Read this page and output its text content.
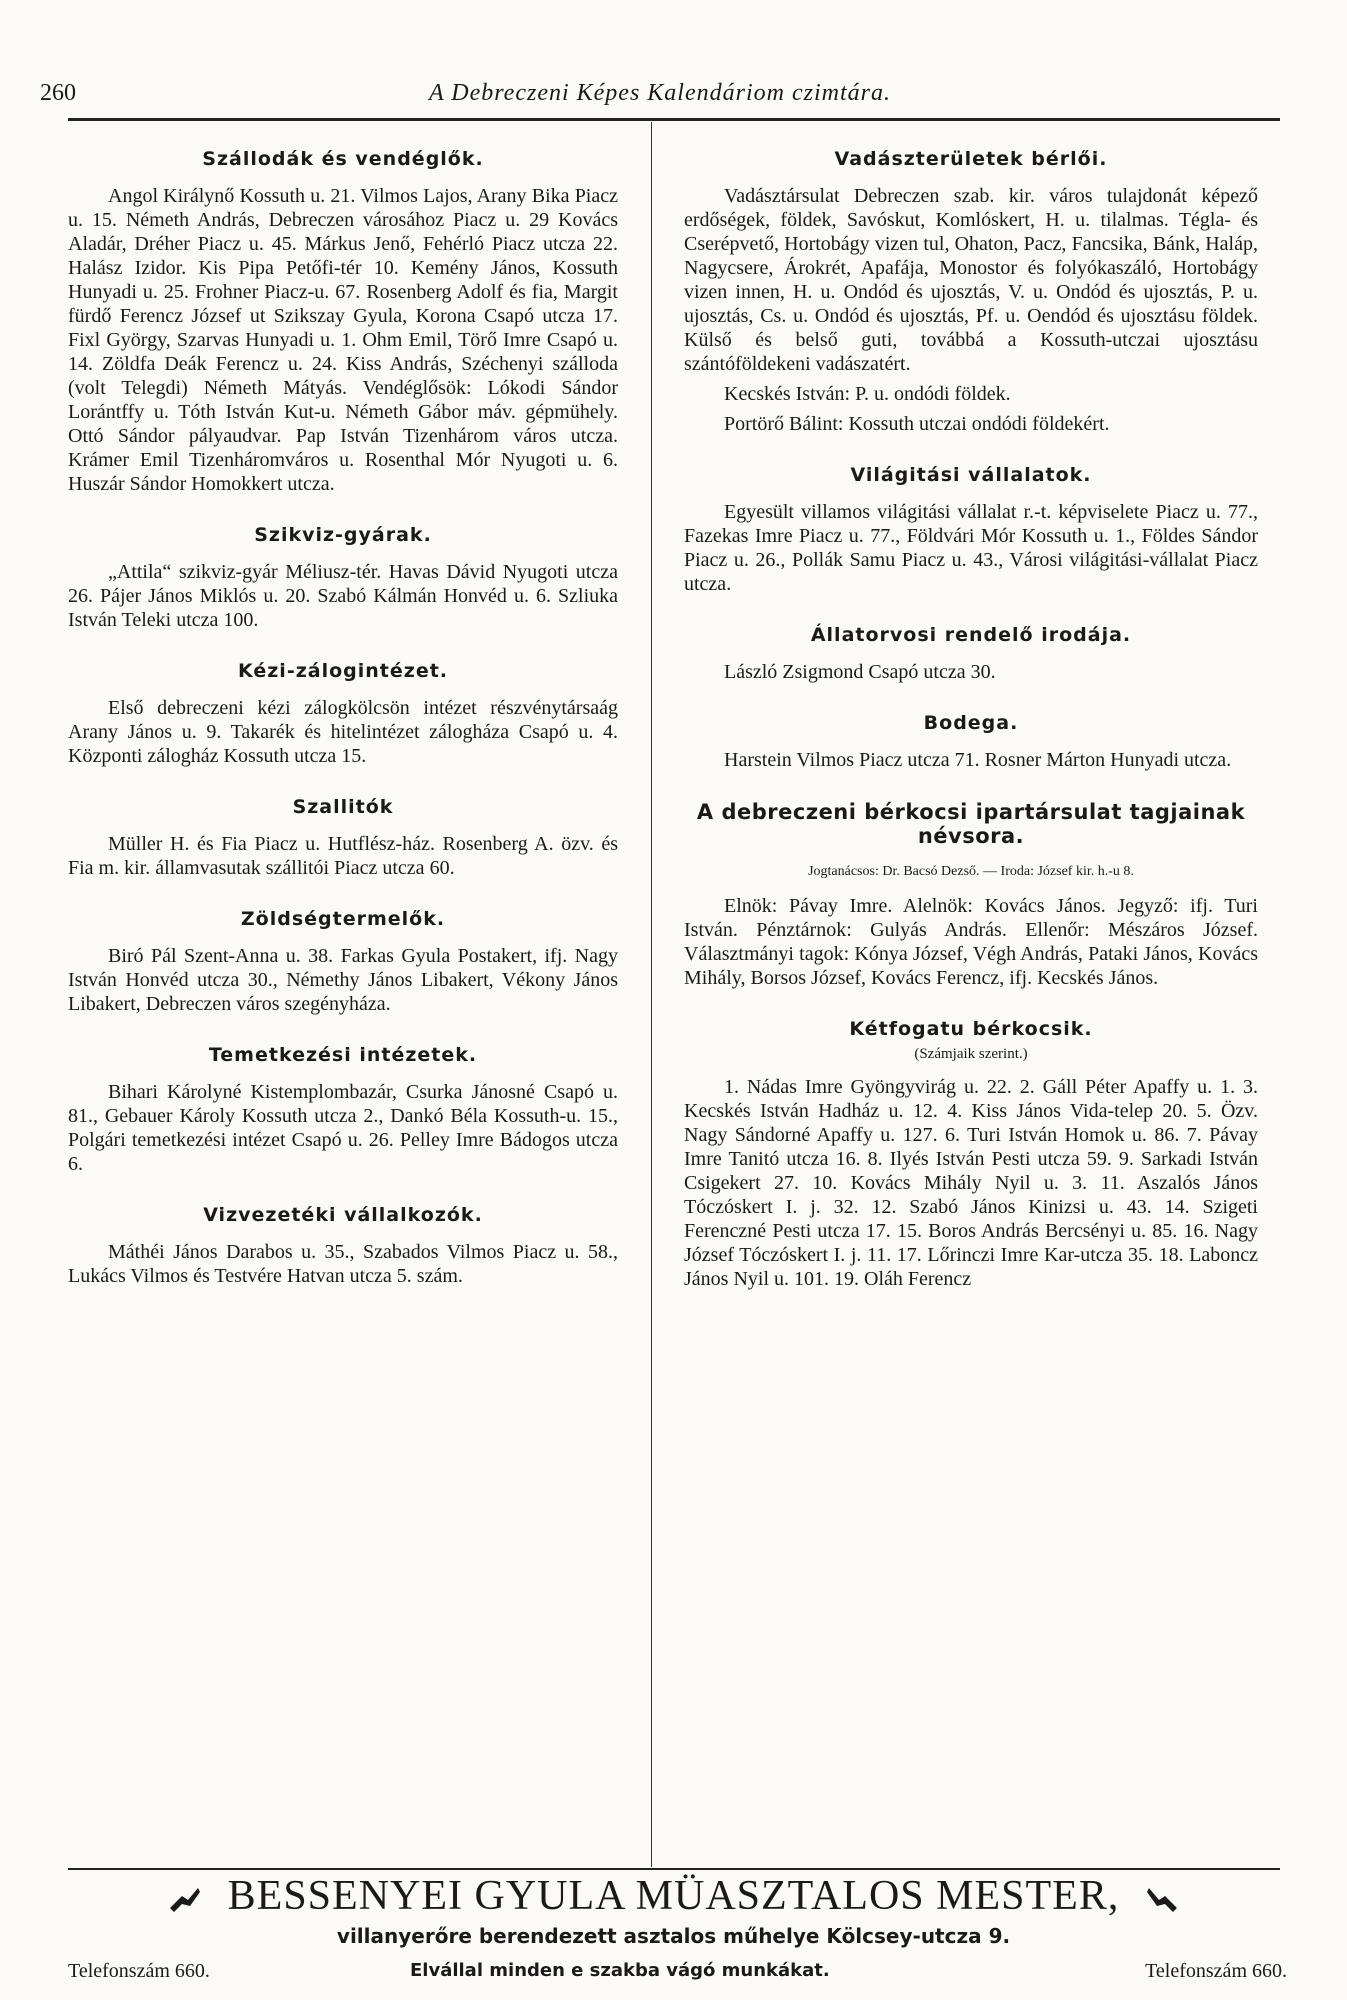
260	A Debreczeni Képes Kalendáriom czimtára.
Szállodák és vendéglők.

Angol Királynő Kossuth u. 21. Vilmos Lajos, Arany Bika Piacz u. 15. Németh András, Debreczen városához Piacz u. 29 Kovács Aladár, Dréher Piacz u. 45. Márkus Jenő, Fehérló Piacz utcza 22. Halász Izidor. Kis Pipa Petőfi-tér 10. Kemény János, Kossuth Hunyadi u. 25. Frohner Piacz-u. 67. Rosenberg Adolf és fia, Margit fürdő Ferencz József ut Szikszay Gyula, Korona Csapó utcza 17. Fixl György, Szarvas Hunyadi u. 1. Ohm Emil, Törő Imre Csapó u. 14. Zöldfa Deák Ferencz u. 24. Kiss András, Széchenyi szálloda (volt Telegdi) Németh Mátyás. Vendéglősök: Lókodi Sándor Lorántffy u. Tóth István Kut-u. Németh Gábor máv. gépmühely. Ottó Sándor pályaudvar. Pap István Tizenhárom város utcza. Krámer Emil Tizenháromváros u. Rosenthal Mór Nyugoti u. 6. Huszár Sándor Homokkert utcza.

Szikviz-gyárak.

„Attila“ szikviz-gyár Méliusz-tér. Havas Dávid Nyugoti utcza 26. Pájer János Miklós u. 20. Szabó Kálmán Honvéd u. 6. Szliuka István Teleki utcza 100.

Kézi-zálogintézet.

Első debreczeni kézi zálogkölcsön intézet részvénytársaág Arany János u. 9. Takarék és hitelintézet zálogháza Csapó u. 4. Központi zálogház Kossuth utcza 15.

Szallitók

Müller H. és Fia Piacz u. Hutflész-ház. Rosenberg A. özv. és Fia m. kir. államvasutak szállitói Piacz utcza 60.

Zöldségtermelők.

Biró Pál Szent-Anna u. 38. Farkas Gyula Postakert, ifj. Nagy István Honvéd utcza 30., Némethy János Libakert, Vékony János Libakert, Debreczen város szegényháza.

Temetkezési intézetek.

Bihari Károlyné Kistemplombazár, Csurka Jánosné Csapó u. 81., Gebauer Károly Kossuth utcza 2., Dankó Béla Kossuth-u. 15., Polgári temetkezési intézet Csapó u. 26. Pelley Imre Bádogos utcza 6.

Vizvezetéki vállalkozók.

Máthéi János Darabos u. 35., Szabados Vilmos Piacz u. 58., Lukács Vilmos és Testvére Hatvan utcza 5. szám.

Vadászterületek bérlői.

Vadásztársulat Debreczen szab. kir. város tulajdonát képező erdőségek, földek, Savóskut, Komlóskert, H. u. tilalmas. Tégla- és Cserépvető, Hortobágy vizen tul, Ohaton, Pacz, Fancsika, Bánk, Haláp, Nagycsere, Árokrét, Apafája, Monostor és folyókaszáló, Hortobágy vizen innen, H. u. Ondód és ujosztás, V. u. Ondód és ujosztás, P. u. ujosztás, Cs. u. Ondód és ujosztás, Pf. u. Oendód és ujosztásu földek. Külső és belső guti, továbbá a Kossuth-utczai ujosztásu szántóföldekeni vadászatért.

Kecskés István: P. u. ondódi földek.

Portörő Bálint: Kossuth utczai ondódi földekért.

Világitási vállalatok.

Egyesült villamos világitási vállalat r.-t. képviselete Piacz u. 77., Fazekas Imre Piacz u. 77., Földvári Mór Kossuth u. 1., Földes Sándor Piacz u. 26., Pollák Samu Piacz u. 43., Városi világitási-vállalat Piacz utcza.

Állatorvosi rendelő irodája.

László Zsigmond Csapó utcza 30.

Bodega.

Harstein Vilmos Piacz utcza 71. Rosner Márton Hunyadi utcza.

A debreczeni bérkocsi ipartársulat tagjainak névsora.
Jogtanácsos: Dr. Bacsó Dezső. — Iroda: József kir. h.-u 8.

Elnök: Pávay Imre. Alelnök: Kovács János. Jegyző: ifj. Turi István. Pénztárnok: Gulyás András. Ellenőr: Mészáros József. Választmányi tagok: Kónya József, Végh András, Pataki János, Kovács Mihály, Borsos József, Kovács Ferencz, ifj. Kecskés János.

Kétfogatu bérkocsik.
(Számjaik szerint.)

1. Nádas Imre Gyöngyvirág u. 22. 2. Gáll Péter Apaffy u. 1. 3. Kecskés István Hadház u. 12. 4. Kiss János Vida-telep 20. 5. Özv. Nagy Sándorné Apaffy u. 127. 6. Turi István Homok u. 86. 7. Pávay Imre Tanitó utcza 16. 8. Ilyés István Pesti utcza 59. 9. Sarkadi István Csigekert 27. 10. Kovács Mihály Nyil u. 3. 11. Aszalós János Tóczóskert I. j. 32. 12. Szabó János Kinizsi u. 43. 14. Szigeti Ferenczné Pesti utcza 17. 15. Boros András Bercsényi u. 85. 16. Nagy József Tóczóskert I. j. 11. 17. Lőrinczi Imre Kar-utcza 35. 18. Laboncz János Nyil u. 101. 19. Oláh Ferencz

BESSENYEI GYULA MÜASZTALOS MESTER,
villanyerőre berendezett asztalos műhelye Kölcsey-utcza 9.
Telefonszám 660.	Elvállal minden e szakba vágó munkákat.	Telefonszám 660.
